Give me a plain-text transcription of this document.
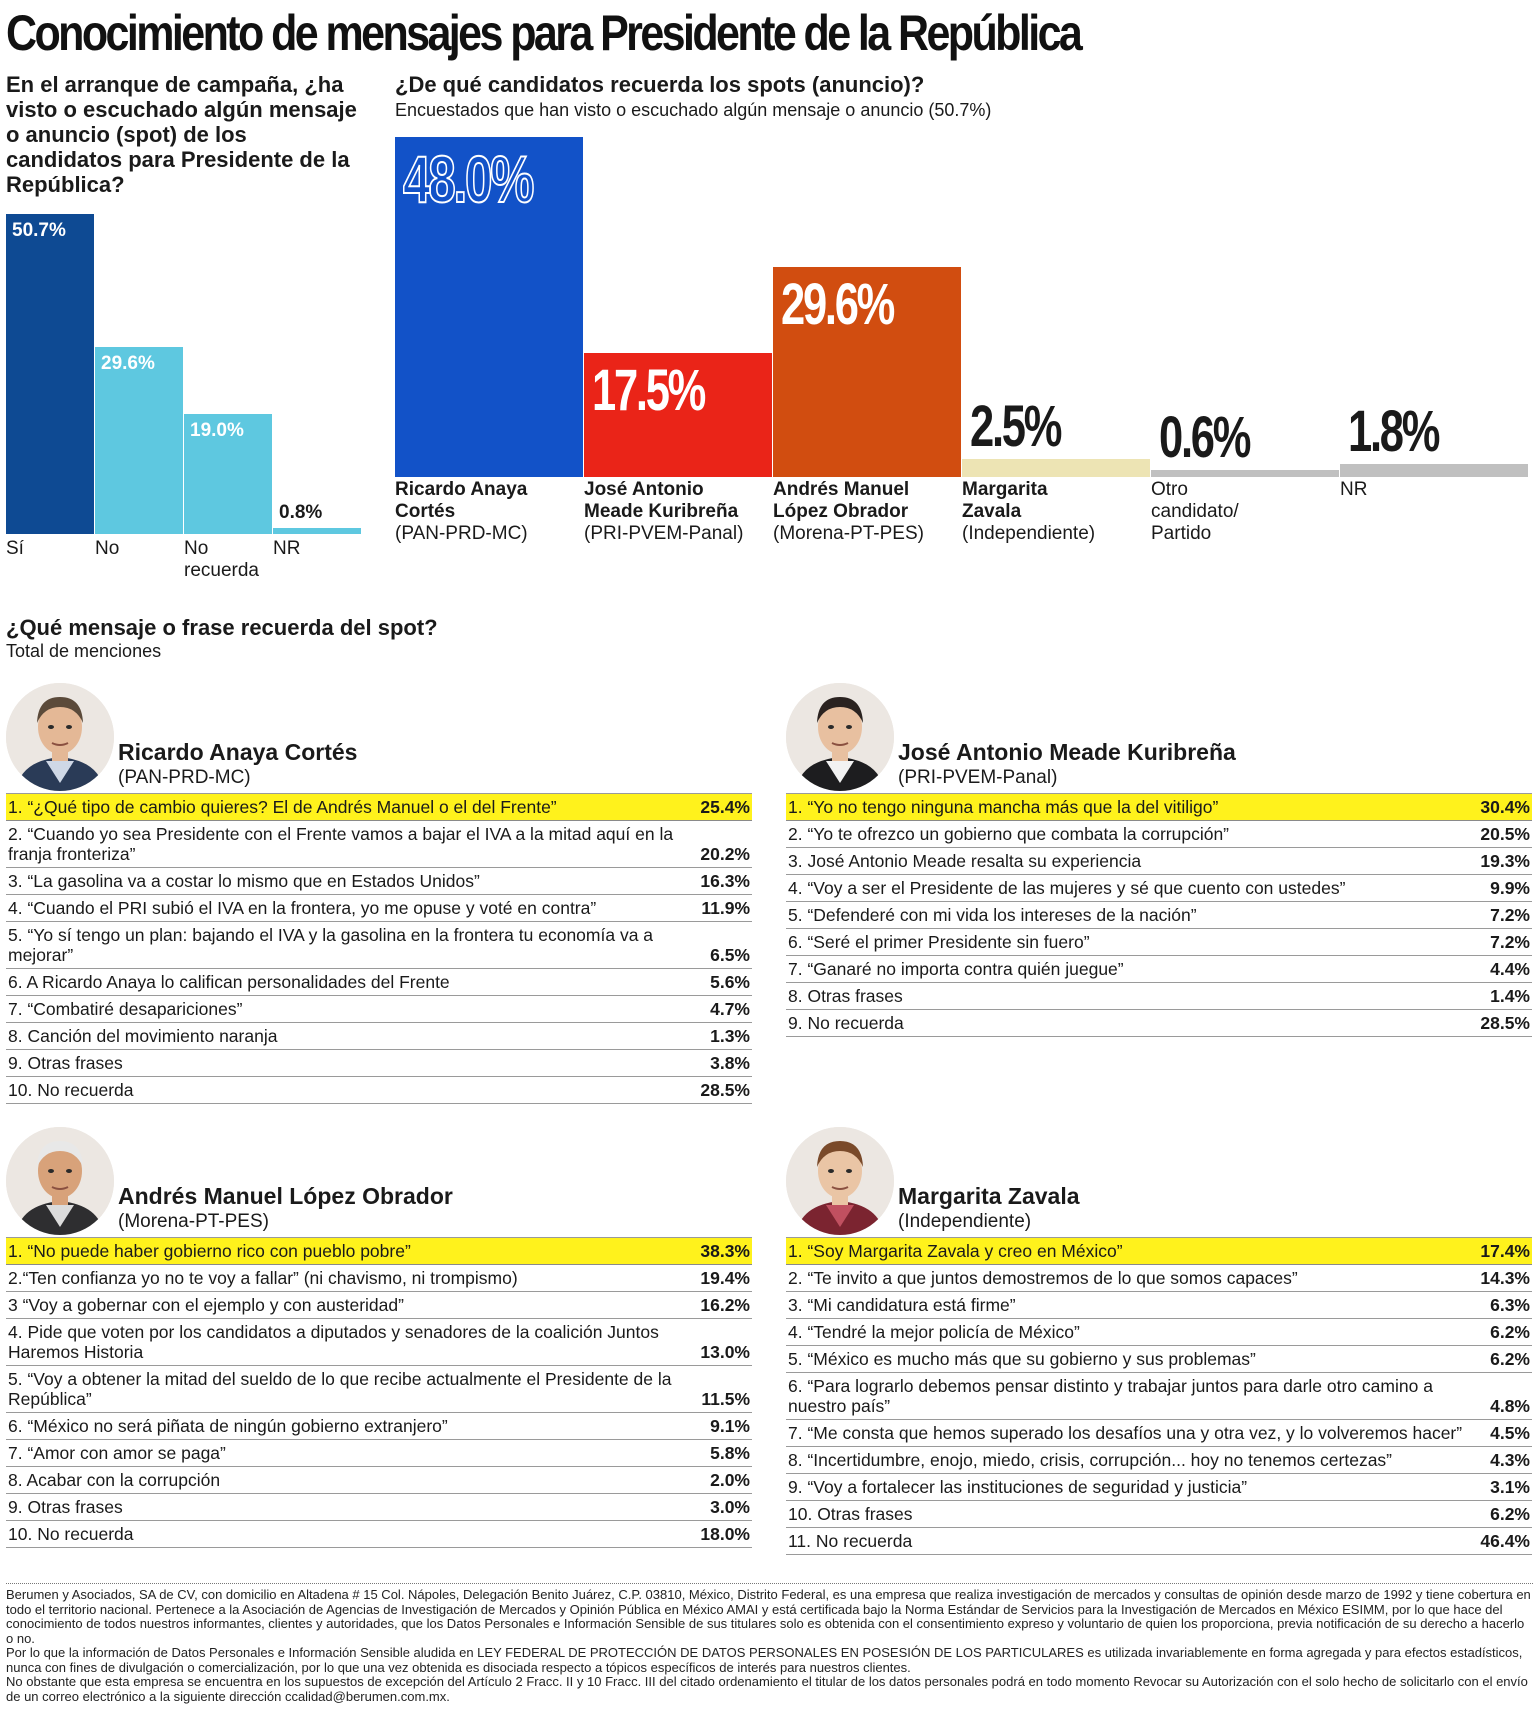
Conocimiento de mensajes para Presidente de la República
En el arranque de campaña, ¿ha visto o escuchado algún mensaje o anuncio (spot) de los candidatos para Presidente de la República?
50.7%
Sí
29.6%
No
19.0%
No recuerda
0.8%
NR
¿De qué candidatos recuerda los spots (anuncio)?
Encuestados que han visto o escuchado algún mensaje o anuncio (50.7%)
48.0%
Ricardo Anaya
Cortés
(PAN-PRD-MC)
17.5%
José Antonio
Meade Kuribreña
(PRI-PVEM-Panal)
29.6%
Andrés Manuel
López Obrador
(Morena-PT-PES)
2.5%
Margarita
Zavala
(Independiente)
0.6%
Otro
candidato/
Partido
1.8%
NR
¿Qué mensaje o frase recuerda del spot?
Total de menciones
Ricardo Anaya Cortés
(PAN-PRD-MC)
1. “¿Qué tipo de cambio quieres? El de Andrés Manuel o el del Frente”	25.4%
2. “Cuando yo sea Presidente con el Frente vamos a bajar el IVA a la mitad aquí en la franja fronteriza”	20.2%
3. “La gasolina va a costar lo mismo que en Estados Unidos”	16.3%
4. “Cuando el PRI subió el IVA en la frontera, yo me opuse y voté en contra”	11.9%
5. “Yo sí tengo un plan: bajando el IVA y la gasolina en la frontera tu economía va a mejorar”	6.5%
6. A Ricardo Anaya lo califican personalidades del Frente	5.6%
7. “Combatiré desapariciones”	4.7%
8. Canción del movimiento naranja	1.3%
9. Otras frases	3.8%
10. No recuerda	28.5%
José Antonio Meade Kuribreña
(PRI-PVEM-Panal)
1. “Yo no tengo ninguna mancha más que la del vitiligo”	30.4%
2. “Yo te ofrezco un gobierno que combata la corrupción”	20.5%
3. José Antonio Meade resalta su experiencia	19.3%
4. “Voy a ser el Presidente de las mujeres y sé que cuento con ustedes”	9.9%
5. “Defenderé con mi vida los intereses de la nación”	7.2%
6. “Seré el primer Presidente sin fuero”	7.2%
7. “Ganaré no importa contra quién juegue”	4.4%
8. Otras frases	1.4%
9. No recuerda	28.5%
Andrés Manuel López Obrador
(Morena-PT-PES)
1. “No puede haber gobierno rico con pueblo pobre”	38.3%
2.“Ten confianza yo no te voy a fallar” (ni chavismo, ni trompismo)	19.4%
3 “Voy a gobernar con el ejemplo y con austeridad”	16.2%
4. Pide que voten por los candidatos a diputados y senadores de la coalición Juntos Haremos Historia	13.0%
5. “Voy a obtener la mitad del sueldo de lo que recibe actualmente el Presidente de la República”	11.5%
6. “México no será piñata de ningún gobierno extranjero”	9.1%
7. “Amor con amor se paga”	5.8%
8. Acabar con la corrupción	2.0%
9. Otras frases	3.0%
10. No recuerda	18.0%
Margarita Zavala
(Independiente)
1. “Soy Margarita Zavala y creo en México”	17.4%
2. “Te invito a que juntos demostremos de lo que somos capaces”	14.3%
3. “Mi candidatura está firme”	6.3%
4. “Tendré la mejor policía de México”	6.2%
5. “México es mucho más que su gobierno y sus problemas”	6.2%
6. “Para lograrlo debemos pensar distinto y trabajar juntos para darle otro camino a nuestro país”	4.8%
7. “Me consta que hemos superado los desafíos una y otra vez, y lo volveremos hacer”	4.5%
8. “Incertidumbre, enojo, miedo, crisis, corrupción... hoy no tenemos certezas”	4.3%
9. “Voy a fortalecer las instituciones de seguridad y justicia”	3.1%
10. Otras frases	6.2%
11. No recuerda	46.4%

Berumen y Asociados, SA de CV, con domicilio en Altadena # 15 Col. Nápoles, Delegación Benito Juárez, C.P. 03810, México, Distrito Federal, es una empresa que realiza investigación de mercados y consultas de opinión desde marzo de 1992 y tiene cobertura en todo el territorio nacional. Pertenece a la Asociación de Agencias de Investigación de Mercados y Opinión Pública en México AMAI y está certificada bajo la Norma Estándar de Servicios para la Investigación de Mercados en México ESIMM, por lo que hace del conocimiento de todos nuestros informantes, clientes y autoridades, que los Datos Personales e Información Sensible de sus titulares solo es obtenida con el consentimiento expreso y voluntario de quien los proporciona, previa notificación de su derecho a hacerlo o no.

Por lo que la información de Datos Personales e Información Sensible aludida en LEY FEDERAL DE PROTECCIÓN DE DATOS PERSONALES EN POSESIÓN DE LOS PARTICULARES es utilizada invariablemente en forma agregada y para efectos estadísticos, nunca con fines de divulgación o comercialización, por lo que una vez obtenida es disociada respecto a tópicos específicos de interés para nuestros clientes.

No obstante que esta empresa se encuentra en los supuestos de excepción del Artículo 2 Fracc. II y 10 Fracc. III del citado ordenamiento el titular de los datos personales podrá en todo momento Revocar su Autorización con el solo hecho de solicitarlo con el envío de un correo electrónico a la siguiente dirección ccalidad@berumen.com.mx.
